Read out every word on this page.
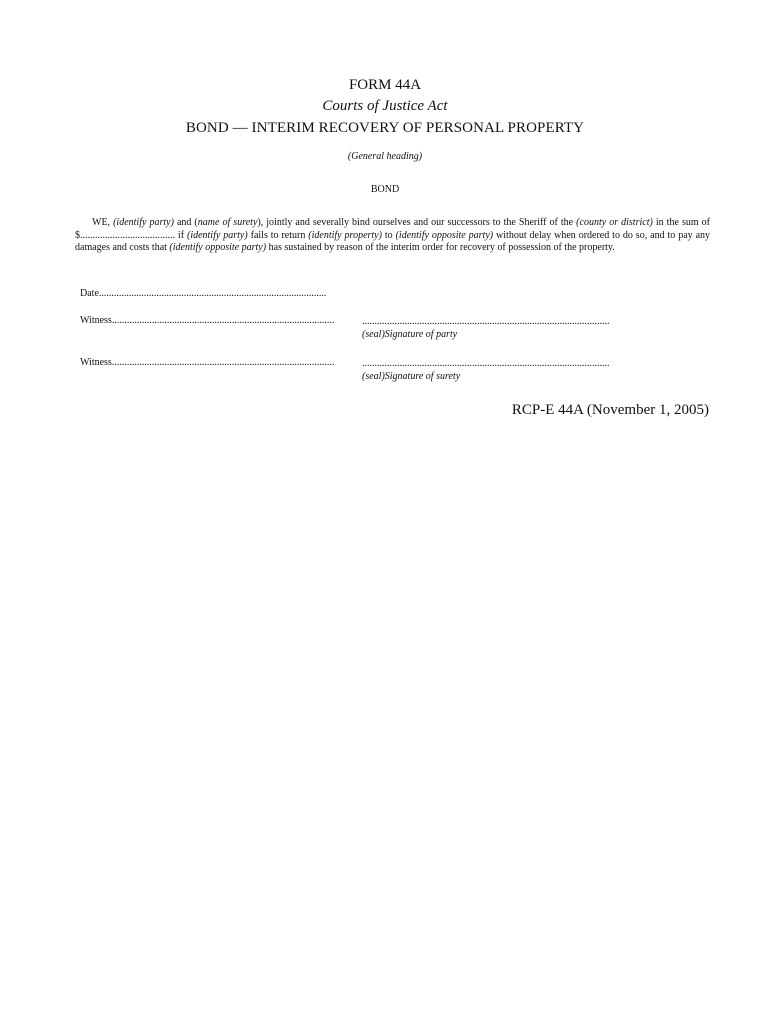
FORM 44A
Courts of Justice Act
BOND — INTERIM RECOVERY OF PERSONAL PROPERTY
(General heading)
BOND
WE, (identify party) and (name of surety), jointly and severally bind ourselves and our successors to the Sheriff of the (county or district) in the sum of $...................................... if (identify party) fails to return (identify property) to (identify opposite party) without delay when ordered to do so, and to pay any damages and costs that (identify opposite party) has sustained by reason of the interim order for recovery of possession of the property.
Date...........................................................................................
Witness.........................................................................................
Witness.........................................................................................
...................................................................................................
(seal)Signature of party
...................................................................................................
(seal)Signature of surety
RCP-E 44A (November 1, 2005)
